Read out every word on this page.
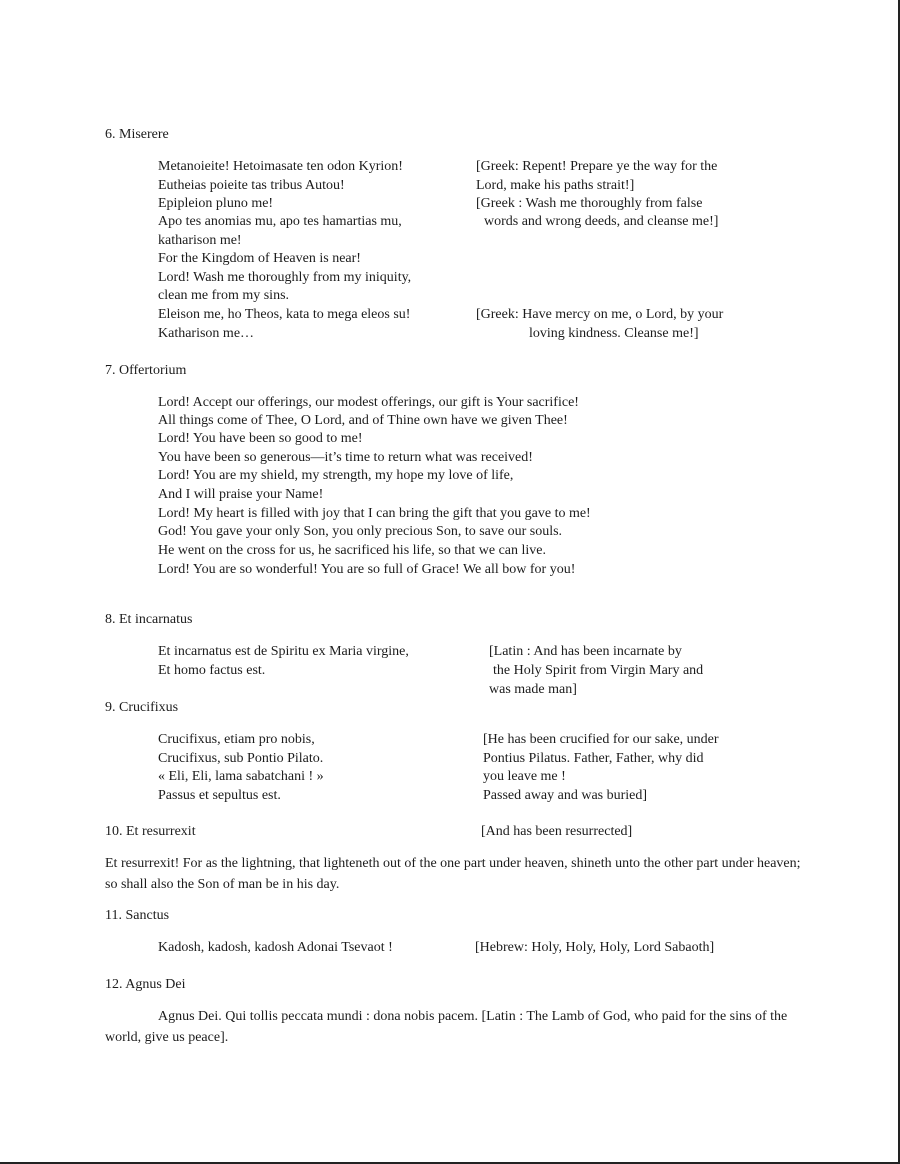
6. Miserere
Metanoieite! Hetoimasate ten odon Kyrion!
Eutheias poieite tas tribus Autou!
Epipleion pluno me!
Apo tes anomias mu, apo tes hamartias mu,
katharison me!
For the Kingdom of Heaven is near!
Lord! Wash me thoroughly from my iniquity,
clean me from my sins.
Eleison me, ho Theos, kata to mega eleos su!
Katharison me…
[Greek: Repent! Prepare ye the way for the
Lord, make his paths strait!]
[Greek : Wash me thoroughly from false
words and wrong deeds, and cleanse me!]
[Greek: Have mercy on me, o Lord, by your
loving kindness. Cleanse me!]
7. Offertorium
Lord! Accept our offerings, our modest offerings, our gift is Your sacrifice!
All things come of Thee, O Lord, and of Thine own have we given Thee!
Lord! You have been so good to me!
You have been so generous—it’s time to return what was received!
Lord! You are my shield, my strength, my hope my love of life,
And I will praise your Name!
Lord! My heart is filled with joy that I can bring the gift that you gave to me!
God! You gave your only Son, you only precious Son, to save our souls.
He went on the cross for us, he sacrificed his life, so that we can live.
Lord! You are so wonderful! You are so full of Grace! We all bow for you!
8. Et incarnatus
Et incarnatus est de Spiritu ex Maria virgine,
Et homo factus est.
[Latin : And has been incarnate by
the Holy Spirit from Virgin Mary and
was made man]
9. Crucifixus
Crucifixus, etiam pro nobis,
Crucifixus, sub Pontio Pilato.
« Eli, Eli, lama sabatchani ! »
Passus et sepultus est.
[He has been crucified for our sake, under
Pontius Pilatus. Father, Father, why did
you leave me !
Passed away and was buried]
10. Et resurrexit	[And has been resurrected]
Et resurrexit! For as the lightning, that lighteneth out of the one part under heaven, shineth unto the other part under heaven; so shall also the Son of man be in his day.
11. Sanctus
Kadosh, kadosh, kadosh Adonai Tsevaot !	[Hebrew: Holy, Holy, Holy, Lord Sabaoth]
12. Agnus Dei
Agnus Dei. Qui tollis peccata mundi : dona nobis pacem. [Latin : The Lamb of God, who paid for the sins of the world, give us peace].
